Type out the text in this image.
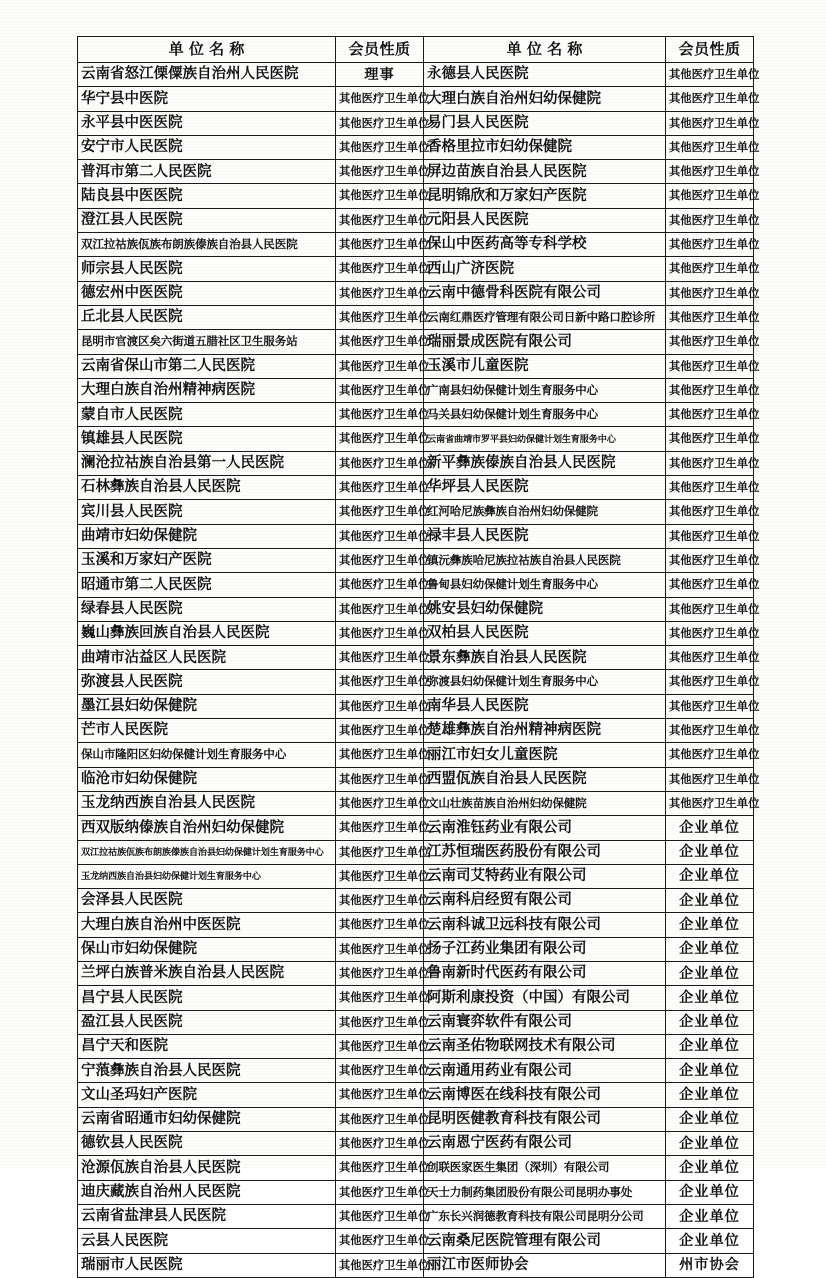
单 位 名 称	会员性质	单 位 名 称	会员性质
云南省怒江傈僳族自治州人民医院	理事	永德县人民医院	其他医疗卫生单位
华宁县中医院	其他医疗卫生单位	大理白族自治州妇幼保健院	其他医疗卫生单位
永平县中医医院	其他医疗卫生单位	易门县人民医院	其他医疗卫生单位
安宁市人民医院	其他医疗卫生单位	香格里拉市妇幼保健院	其他医疗卫生单位
普洱市第二人民医院	其他医疗卫生单位	屏边苗族自治县人民医院	其他医疗卫生单位
陆良县中医医院	其他医疗卫生单位	昆明锦欣和万家妇产医院	其他医疗卫生单位
澄江县人民医院	其他医疗卫生单位	元阳县人民医院	其他医疗卫生单位
双江拉祜族佤族布朗族傣族自治县人民医院	其他医疗卫生单位	保山中医药高等专科学校	其他医疗卫生单位
师宗县人民医院	其他医疗卫生单位	西山广济医院	其他医疗卫生单位
德宏州中医医院	其他医疗卫生单位	云南中德骨科医院有限公司	其他医疗卫生单位
丘北县人民医院	其他医疗卫生单位	云南红鼎医疗管理有限公司日新中路口腔诊所	其他医疗卫生单位
昆明市官渡区矣六街道五腊社区卫生服务站	其他医疗卫生单位	瑞丽景成医院有限公司	其他医疗卫生单位
云南省保山市第二人民医院	其他医疗卫生单位	玉溪市儿童医院	其他医疗卫生单位
大理白族自治州精神病医院	其他医疗卫生单位	广南县妇幼保健计划生育服务中心	其他医疗卫生单位
蒙自市人民医院	其他医疗卫生单位	马关县妇幼保健计划生育服务中心	其他医疗卫生单位
镇雄县人民医院	其他医疗卫生单位	云南省曲靖市罗平县妇幼保健计划生育服务中心	其他医疗卫生单位
澜沧拉祜族自治县第一人民医院	其他医疗卫生单位	新平彝族傣族自治县人民医院	其他医疗卫生单位
石林彝族自治县人民医院	其他医疗卫生单位	华坪县人民医院	其他医疗卫生单位
宾川县人民医院	其他医疗卫生单位	红河哈尼族彝族自治州妇幼保健院	其他医疗卫生单位
曲靖市妇幼保健院	其他医疗卫生单位	禄丰县人民医院	其他医疗卫生单位
玉溪和万家妇产医院	其他医疗卫生单位	镇沅彝族哈尼族拉祜族自治县人民医院	其他医疗卫生单位
昭通市第二人民医院	其他医疗卫生单位	鲁甸县妇幼保健计划生育服务中心	其他医疗卫生单位
绿春县人民医院	其他医疗卫生单位	姚安县妇幼保健院	其他医疗卫生单位
巍山彝族回族自治县人民医院	其他医疗卫生单位	双柏县人民医院	其他医疗卫生单位
曲靖市沾益区人民医院	其他医疗卫生单位	景东彝族自治县人民医院	其他医疗卫生单位
弥渡县人民医院	其他医疗卫生单位	弥渡县妇幼保健计划生育服务中心	其他医疗卫生单位
墨江县妇幼保健院	其他医疗卫生单位	南华县人民医院	其他医疗卫生单位
芒市人民医院	其他医疗卫生单位	楚雄彝族自治州精神病医院	其他医疗卫生单位
保山市隆阳区妇幼保健计划生育服务中心	其他医疗卫生单位	丽江市妇女儿童医院	其他医疗卫生单位
临沧市妇幼保健院	其他医疗卫生单位	西盟佤族自治县人民医院	其他医疗卫生单位
玉龙纳西族自治县人民医院	其他医疗卫生单位	文山壮族苗族自治州妇幼保健院	其他医疗卫生单位
西双版纳傣族自治州妇幼保健院	其他医疗卫生单位	云南淮钰药业有限公司	企业单位
双江拉祜族佤族布朗族傣族自治县妇幼保健计划生育服务中心	其他医疗卫生单位	江苏恒瑞医药股份有限公司	企业单位
玉龙纳西族自治县妇幼保健计划生育服务中心	其他医疗卫生单位	云南司艾特药业有限公司	企业单位
会泽县人民医院	其他医疗卫生单位	云南科启经贸有限公司	企业单位
大理白族自治州中医医院	其他医疗卫生单位	云南科诚卫远科技有限公司	企业单位
保山市妇幼保健院	其他医疗卫生单位	扬子江药业集团有限公司	企业单位
兰坪白族普米族自治县人民医院	其他医疗卫生单位	鲁南新时代医药有限公司	企业单位
昌宁县人民医院	其他医疗卫生单位	阿斯利康投资（中国）有限公司	企业单位
盈江县人民医院	其他医疗卫生单位	云南寰弈软件有限公司	企业单位
昌宁天和医院	其他医疗卫生单位	云南圣佑物联网技术有限公司	企业单位
宁蒗彝族自治县人民医院	其他医疗卫生单位	云南通用药业有限公司	企业单位
文山圣玛妇产医院	其他医疗卫生单位	云南博医在线科技有限公司	企业单位
云南省昭通市妇幼保健院	其他医疗卫生单位	昆明医健教育科技有限公司	企业单位
德钦县人民医院	其他医疗卫生单位	云南恩宁医药有限公司	企业单位
沧源佤族自治县人民医院	其他医疗卫生单位	创联医家医生集团（深圳）有限公司	企业单位
迪庆藏族自治州人民医院	其他医疗卫生单位	天士力制药集团股份有限公司昆明办事处	企业单位
云南省盐津县人民医院	其他医疗卫生单位	广东长兴润德教育科技有限公司昆明分公司	企业单位
云县人民医院	其他医疗卫生单位	云南桑尼医院管理有限公司	企业单位
瑞丽市人民医院	其他医疗卫生单位	丽江市医师协会	州市协会
